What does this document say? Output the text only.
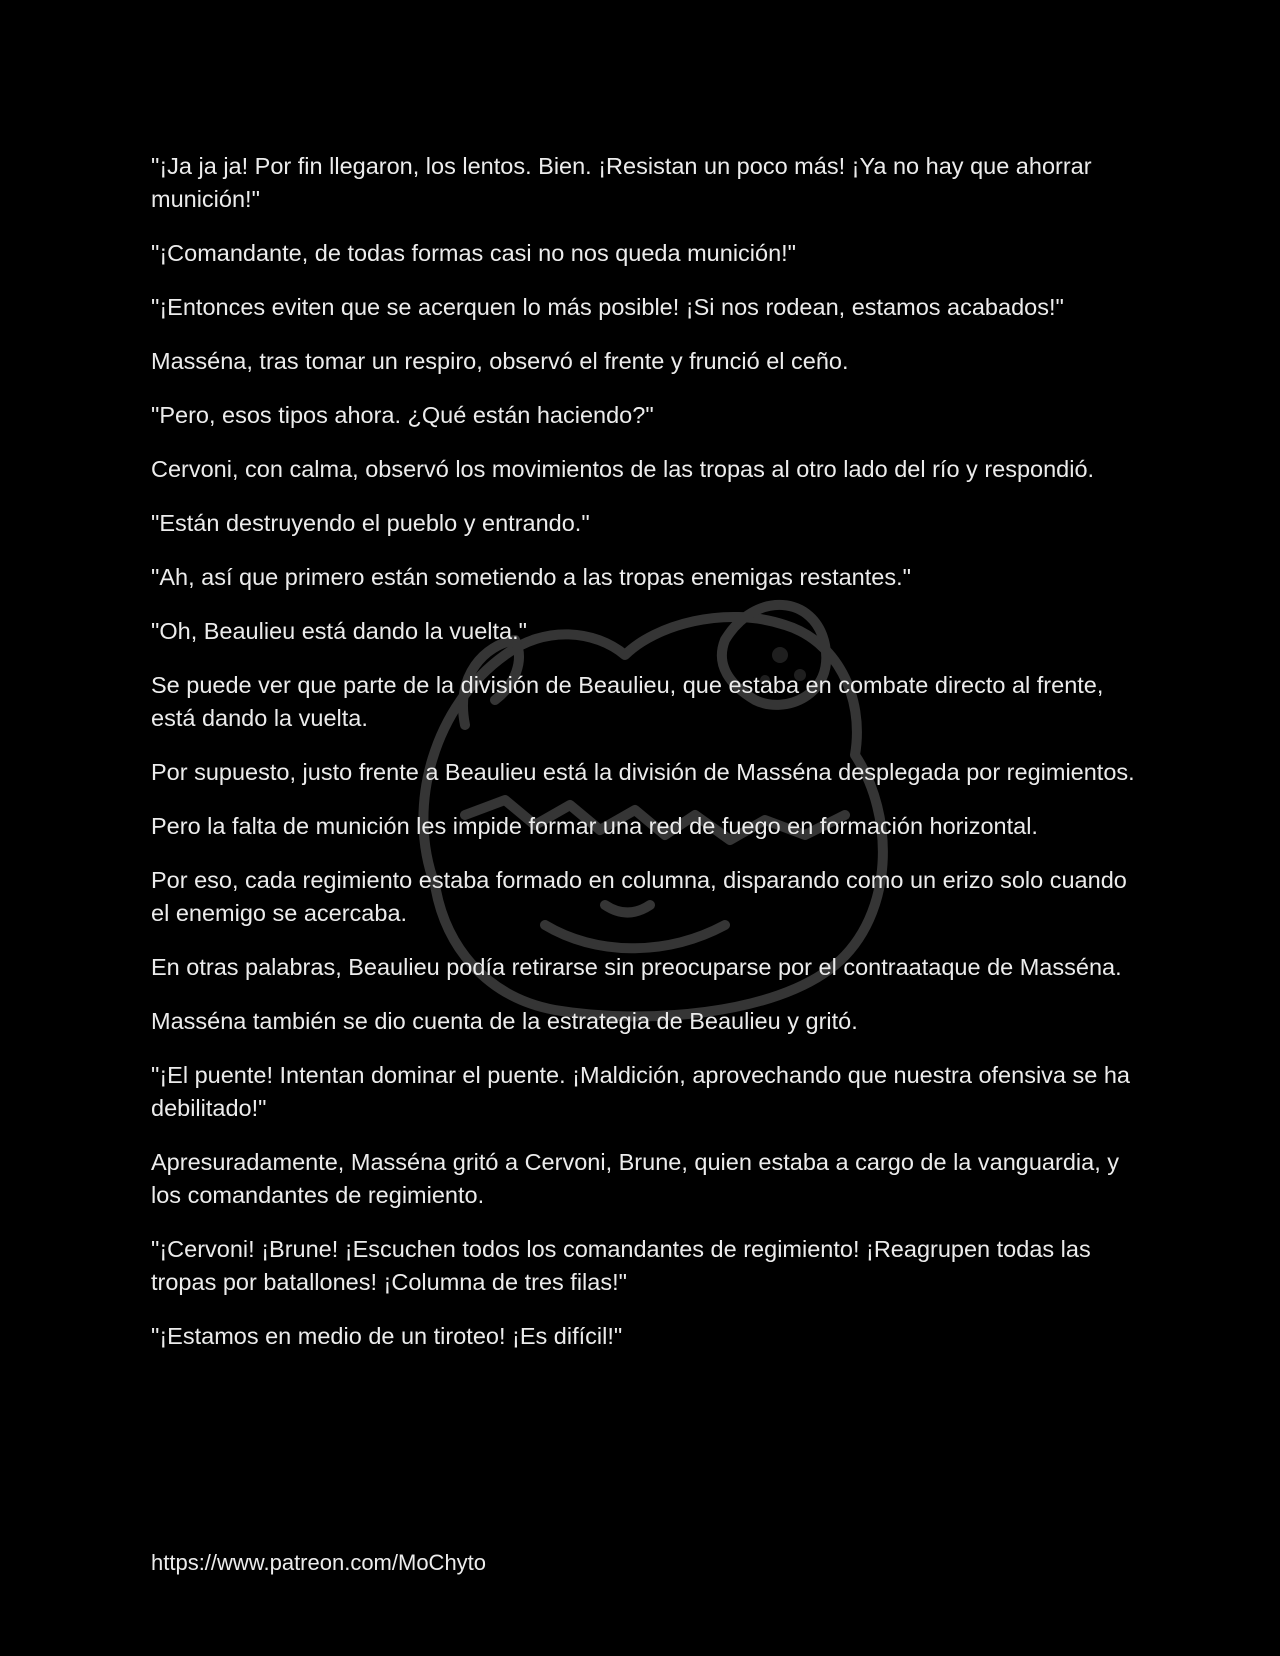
"¡Ja ja ja! Por fin llegaron, los lentos. Bien. ¡Resistan un poco más! ¡Ya no hay que ahorrar munición!"

"¡Comandante, de todas formas casi no nos queda munición!"

"¡Entonces eviten que se acerquen lo más posible! ¡Si nos rodean, estamos acabados!"

Masséna, tras tomar un respiro, observó el frente y frunció el ceño.

"Pero, esos tipos ahora. ¿Qué están haciendo?"

Cervoni, con calma, observó los movimientos de las tropas al otro lado del río y respondió.

"Están destruyendo el pueblo y entrando."

"Ah, así que primero están sometiendo a las tropas enemigas restantes."

"Oh, Beaulieu está dando la vuelta."

Se puede ver que parte de la división de Beaulieu, que estaba en combate directo al frente, está dando la vuelta.

Por supuesto, justo frente a Beaulieu está la división de Masséna desplegada por regimientos.

Pero la falta de munición les impide formar una red de fuego en formación horizontal.

Por eso, cada regimiento estaba formado en columna, disparando como un erizo solo cuando el enemigo se acercaba.

En otras palabras, Beaulieu podía retirarse sin preocuparse por el contraataque de Masséna.

Masséna también se dio cuenta de la estrategia de Beaulieu y gritó.

"¡El puente! Intentan dominar el puente. ¡Maldición, aprovechando que nuestra ofensiva se ha debilitado!"

Apresuradamente, Masséna gritó a Cervoni, Brune, quien estaba a cargo de la vanguardia, y los comandantes de regimiento.

"¡Cervoni! ¡Brune! ¡Escuchen todos los comandantes de regimiento! ¡Reagrupen todas las tropas por batallones! ¡Columna de tres filas!"

"¡Estamos en medio de un tiroteo! ¡Es difícil!"

https://www.patreon.com/MoChyto
